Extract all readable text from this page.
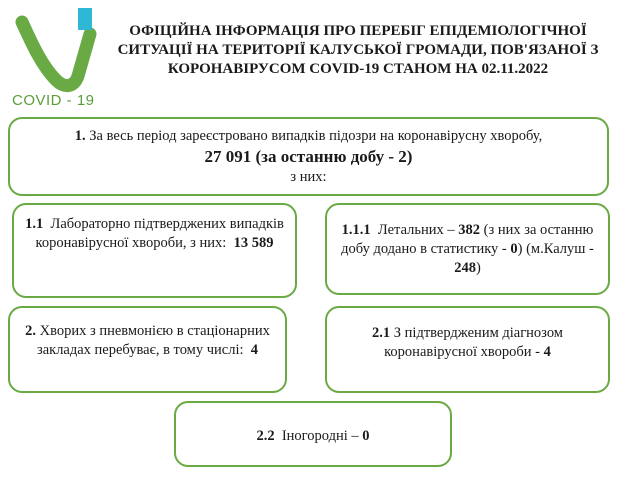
COVID - 19
ОФІЦІЙНА ІНФОРМАЦІЯ ПРО ПЕРЕБІГ ЕПІДЕМІОЛОГІЧНОЇ СИТУАЦІЇ НА ТЕРИТОРІЇ КАЛУСЬКОЇ ГРОМАДИ, ПОВ'ЯЗАНОЇ З КОРОНАВІРУСОМ COVID-19 СТАНОМ НА 02.11.2022
1. За весь період зареєстровано випадків підозри на коронавірусну хворобу,
27 091 (за останню добу - 2)
з них:
1.1 Лабораторно підтверджених випадків коронавірусної хвороби, з них: 13 589
1.1.1 Летальних – 382 (з них за останню добу додано в статистику - 0) (м.Калуш - 248)
2. Хворих з пневмонією в стаціонарних закладах перебуває, в тому числі: 4
2.1 З підтвердженим діагнозом коронавірусної хвороби - 4
2.2 Іногородні – 0
